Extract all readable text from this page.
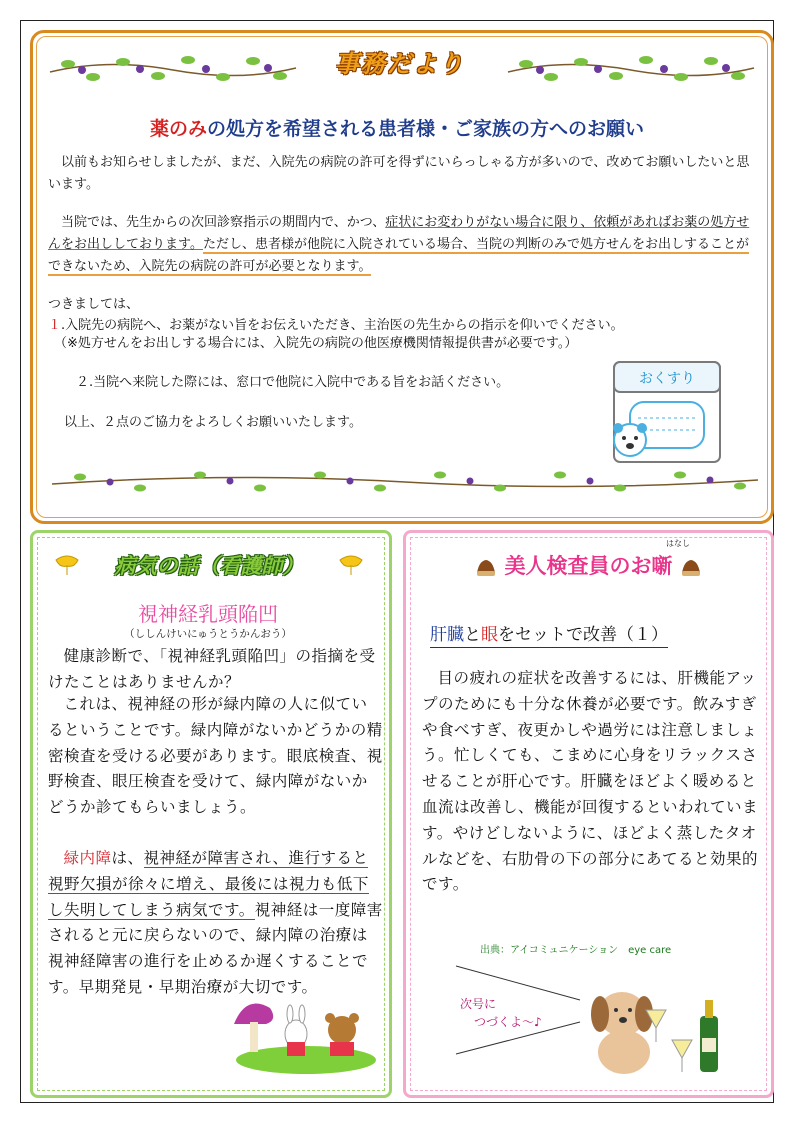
事務だより
薬のみの処方を希望される患者様・ご家族の方へのお願い

以前もお知らせしましたが、まだ、入院先の病院の許可を得ずにいらっしゃる方が多いので、改めてお願いしたいと思います。

当院では、先生からの次回診察指示の期間内で、かつ、症状にお変わりがない場合に限り、依頼があればお薬の処方せんをお出ししております。ただし、患者様が他院に入院されている場合、当院の判断のみで処方せんをお出しすることができないため、入院先の病院の許可が必要となります。

つきましては、

１.入院先の病院へ、お薬がない旨をお伝えいただき、主治医の先生からの指示を仰いでください。

（※処方せんをお出しする場合には、入院先の病院の他医療機関情報提供書が必要です。）

２.当院へ来院した際には、窓口で他院に入院中である旨をお話ください。

以上、２点のご協力をよろしくお願いいたします。

おくすり
病気の話（看護師）
視神経乳頭陥凹
（ししんけいにゅうとうかんおう）

健康診断で、「視神経乳頭陥凹」の指摘を受けたことはありませんか？

これは、視神経の形が緑内障の人に似ているということです。緑内障がないかどうかの精密検査を受ける必要があります。眼底検査、視野検査、眼圧検査を受けて、緑内障がないかどうか診てもらいましょう。

緑内障は、視神経が障害され、進行すると視野欠損が徐々に増え、最後には視力も低下し失明してしまう病気です。視神経は一度障害されると元に戻らないので、緑内障の治療は視神経障害の進行を止めるか遅くすることです。早期発見・早期治療が大切です。

はなし
美人検査員のお噺
肝臓と眼をセットで改善（１）

目の疲れの症状を改善するには、肝機能アップのためにも十分な休養が必要です。飲みすぎや食べすぎ、夜更かしや過労には注意しましょう。忙しくても、こまめに心身をリラックスさせることが肝心です。肝臓をほどよく暖めると血流は改善し、機能が回復するといわれています。やけどしないように、ほどよく蒸したタオルなどを、右肋骨の下の部分にあてると効果的です。

出典：アイコミュニケーション　eye care
次号に
つづくよ～♪
